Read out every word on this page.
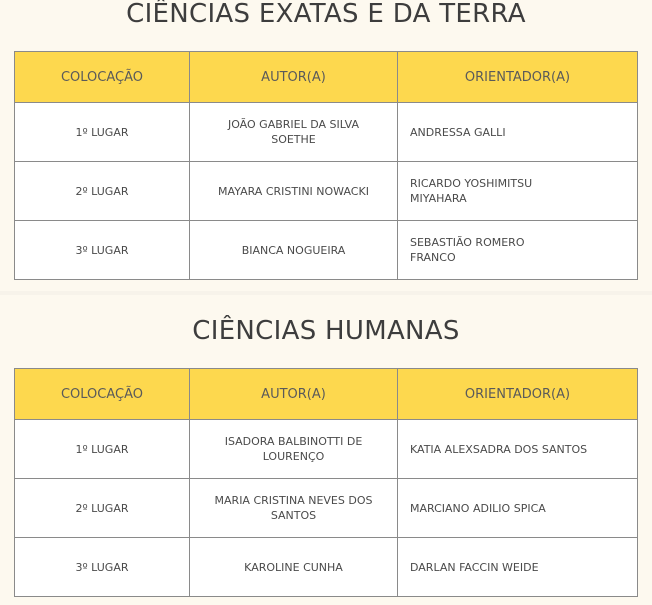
CIÊNCIAS EXATAS E DA TERRA
COLOCAÇÃO	AUTOR(A)	ORIENTADOR(A)
1º LUGAR	JOÃO GABRIEL DA SILVA SOETHE	ANDRESSA GALLI
2º LUGAR	MAYARA CRISTINI NOWACKI	RICARDO YOSHIMITSU MIYAHARA
3º LUGAR	BIANCA NOGUEIRA	SEBASTIÃO ROMERO FRANCO
CIÊNCIAS HUMANAS
COLOCAÇÃO	AUTOR(A)	ORIENTADOR(A)
1º LUGAR	ISADORA BALBINOTTI DE LOURENÇO	KATIA ALEXSADRA DOS SANTOS
2º LUGAR	MARIA CRISTINA NEVES DOS SANTOS	MARCIANO ADILIO SPICA
3º LUGAR	KAROLINE CUNHA	DARLAN FACCIN WEIDE
